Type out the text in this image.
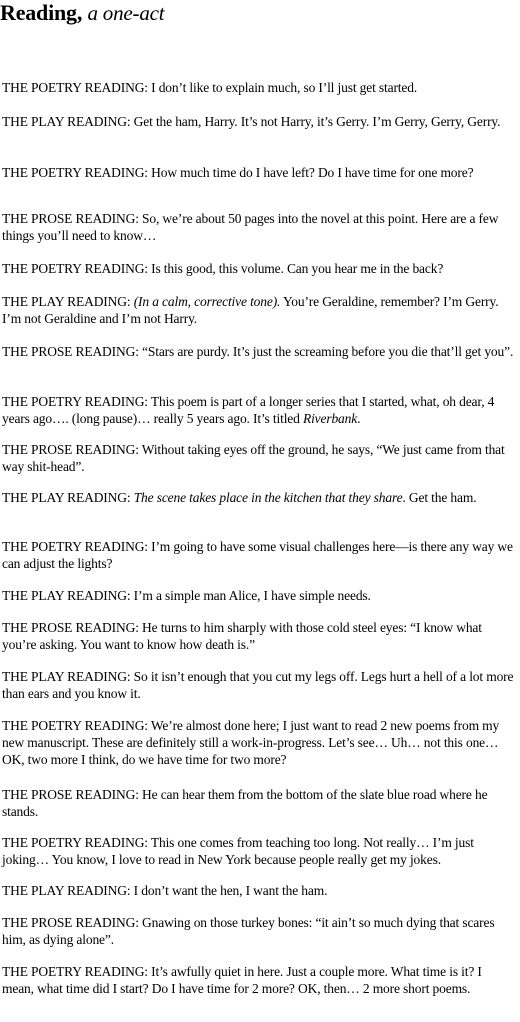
Reading, a one-act

THE POETRY READING: I don’t like to explain much, so I’ll just get started.

THE PLAY READING: Get the ham, Harry. It’s not Harry, it’s Gerry. I’m Gerry, Gerry, Gerry.

THE POETRY READING: How much time do I have left? Do I have time for one more?

THE PROSE READING: So, we’re about 50 pages into the novel at this point. Here are a few things you’ll need to know…

THE POETRY READING: Is this good, this volume. Can you hear me in the back?

THE PLAY READING: (In a calm, corrective tone). You’re Geraldine, remember? I’m Gerry. I’m not Geraldine and I’m not Harry.

THE PROSE READING: “Stars are purdy. It’s just the screaming before you die that’ll get you”.

THE POETRY READING: This poem is part of a longer series that I started, what, oh dear, 4 years ago…. (long pause)… really 5 years ago. It’s titled Riverbank.

THE PROSE READING: Without taking eyes off the ground, he says, “We just came from that way shit-head”.

THE PLAY READING: The scene takes place in the kitchen that they share. Get the ham.

THE POETRY READING: I’m going to have some visual challenges here—is there any way we can adjust the lights?

THE PLAY READING: I’m a simple man Alice, I have simple needs.

THE PROSE READING: He turns to him sharply with those cold steel eyes: “I know what you’re asking. You want to know how death is.”

THE PLAY READING: So it isn’t enough that you cut my legs off. Legs hurt a hell of a lot more than ears and you know it.

THE POETRY READING: We’re almost done here; I just want to read 2 new poems from my new manuscript. These are definitely still a work-in-progress. Let’s see… Uh… not this one… OK, two more I think, do we have time for two more?

THE PROSE READING: He can hear them from the bottom of the slate blue road where he stands.

THE POETRY READING: This one comes from teaching too long. Not really… I’m just joking… You know, I love to read in New York because people really get my jokes.

THE PLAY READING: I don’t want the hen, I want the ham.

THE PROSE READING: Gnawing on those turkey bones: “it ain’t so much dying that scares him, as dying alone”.

THE POETRY READING: It’s awfully quiet in here. Just a couple more. What time is it? I mean, what time did I start? Do I have time for 2 more? OK, then… 2 more short poems.
